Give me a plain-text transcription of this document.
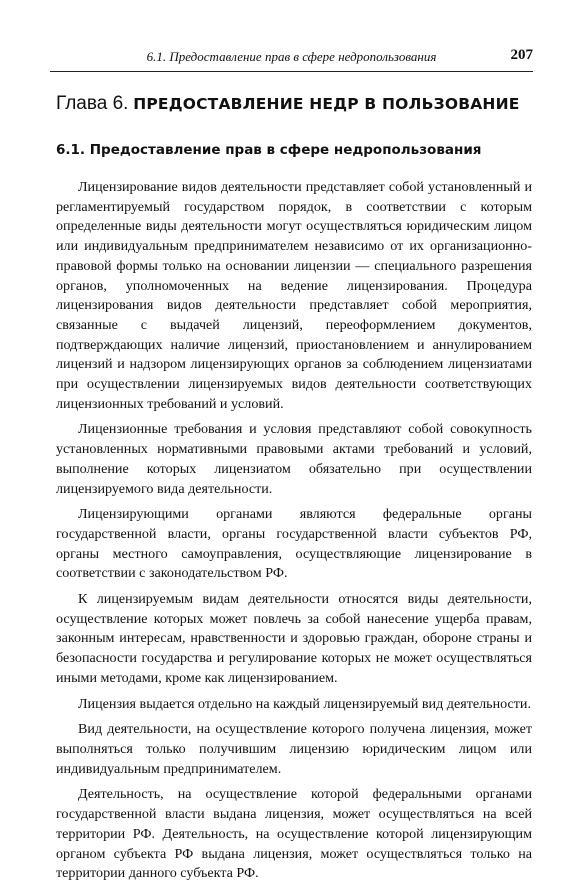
6.1. Предоставление прав в сфере недропользования	207
Глава 6. ПРЕДОСТАВЛЕНИЕ НЕДР В ПОЛЬЗОВАНИЕ
6.1. Предоставление прав в сфере недропользования

Лицензирование видов деятельности представляет собой установленный и регламентируемый государством порядок, в соответствии с которым определенные виды деятельности могут осуществляться юридическим лицом или индивидуальным предпринимателем независимо от их организационно-правовой формы только на основании лицензии — специального разрешения органов, уполномоченных на ведение лицензирования. Процедура лицензирования видов деятельности представляет собой мероприятия, связанные с выдачей лицензий, переоформлением документов, подтверждающих наличие лицензий, приостановлением и аннулированием лицензий и надзором лицензирующих органов за соблюдением лицензиатами при осуществлении лицензируемых видов деятельности соответствующих лицензионных требований и условий.

Лицензионные требования и условия представляют собой совокупность установленных нормативными правовыми актами требований и условий, выполнение которых лицензиатом обязательно при осуществлении лицензируемого вида деятельности.

Лицензирующими органами являются федеральные органы государственной власти, органы государственной власти субъектов РФ, органы местного самоуправления, осуществляющие лицензирование в соответствии с законодательством РФ.

К лицензируемым видам деятельности относятся виды деятельности, осуществление которых может повлечь за собой нанесение ущерба правам, законным интересам, нравственности и здоровью граждан, обороне страны и безопасности государства и регулирование которых не может осуществляться иными методами, кроме как лицензированием.

Лицензия выдается отдельно на каждый лицензируемый вид деятельности.

Вид деятельности, на осуществление которого получена лицензия, может выполняться только получившим лицензию юридическим лицом или индивидуальным предпринимателем.

Деятельность, на осуществление которой федеральными органами государственной власти выдана лицензия, может осуществляться на всей территории РФ. Деятельность, на осуществление которой лицензирующим органом субъекта РФ выдана лицензия, может осуществляться только на территории данного субъекта РФ.
